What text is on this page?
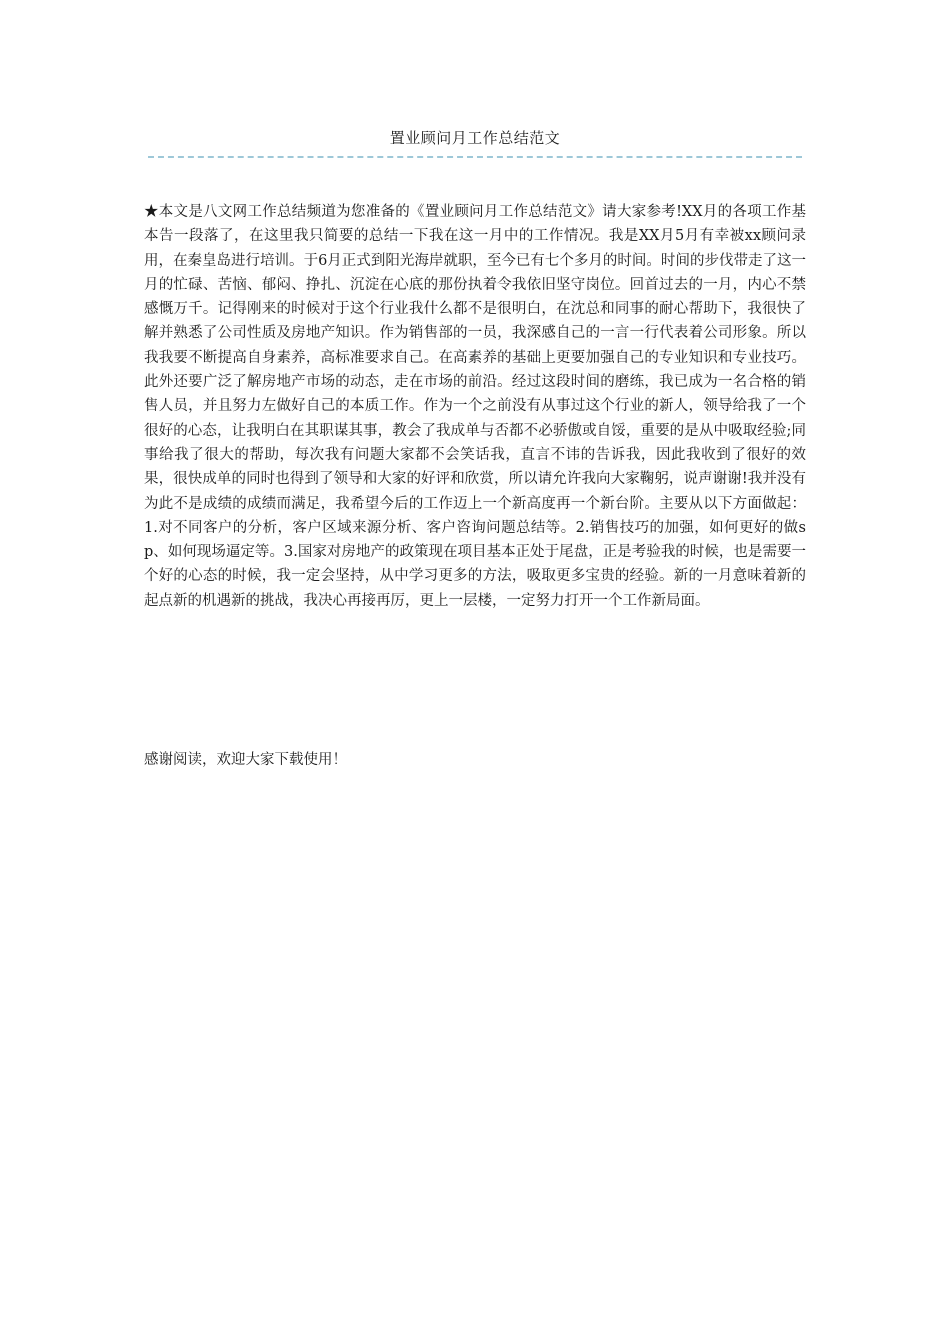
置业顾问月工作总结范文

★本文是八文网工作总结频道为您准备的《置业顾问月工作总结范文》请大家参考!XX月的各项工作基本告一段落了，在这里我只简要的总结一下我在这一月中的工作情况。我是XX月5月有幸被xx顾问录用，在秦皇岛进行培训。于6月正式到阳光海岸就职，至今已有七个多月的时间。时间的步伐带走了这一月的忙碌、苦恼、郁闷、挣扎、沉淀在心底的那份执着令我依旧坚守岗位。回首过去的一月，内心不禁感慨万千。记得刚来的时候对于这个行业我什么都不是很明白，在沈总和同事的耐心帮助下，我很快了解并熟悉了公司性质及房地产知识。作为销售部的一员，我深感自己的一言一行代表着公司形象。所以我我要不断提高自身素养，高标准要求自己。在高素养的基础上更要加强自己的专业知识和专业技巧。此外还要广泛了解房地产市场的动态，走在市场的前沿。经过这段时间的磨练，我已成为一名合格的销售人员，并且努力左做好自己的本质工作。作为一个之前没有从事过这个行业的新人，领导给我了一个很好的心态，让我明白在其职谋其事，教会了我成单与否都不必骄傲或自馁，重要的是从中吸取经验;同事给我了很大的帮助，每次我有问题大家都不会笑话我，直言不讳的告诉我，因此我收到了很好的效果，很快成单的同时也得到了领导和大家的好评和欣赏，所以请允许我向大家鞠躬，说声谢谢!我并没有为此不是成绩的成绩而满足，我希望今后的工作迈上一个新高度再一个新台阶。主要从以下方面做起：1.对不同客户的分析，客户区域来源分析、客户咨询问题总结等。2.销售技巧的加强，如何更好的做sp、如何现场逼定等。3.国家对房地产的政策现在项目基本正处于尾盘，正是考验我的时候，也是需要一个好的心态的时候，我一定会坚持，从中学习更多的方法，吸取更多宝贵的经验。新的一月意味着新的起点新的机遇新的挑战，我决心再接再厉，更上一层楼，一定努力打开一个工作新局面。

感谢阅读，欢迎大家下载使用！
